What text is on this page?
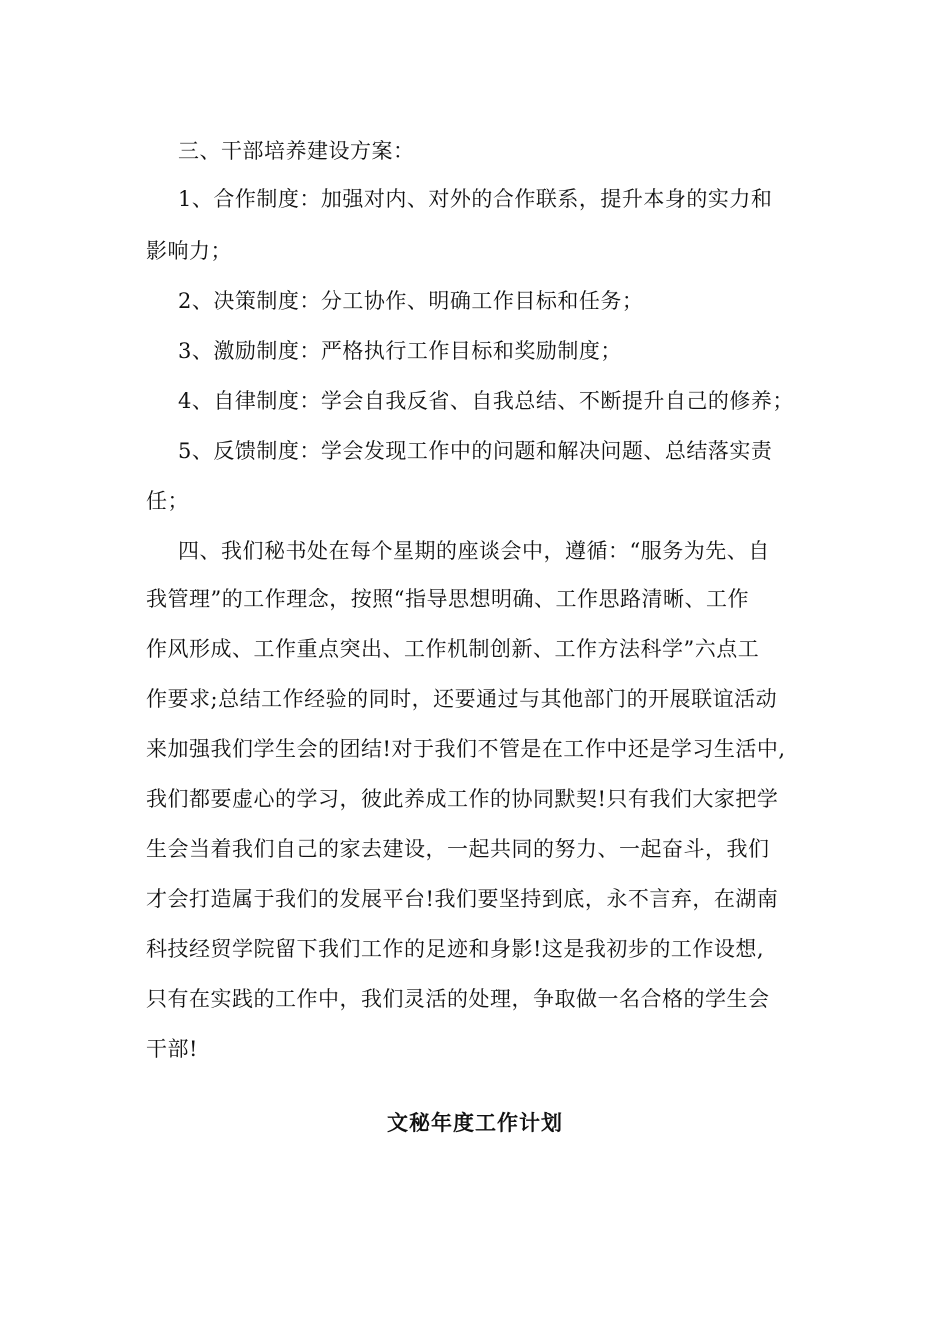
三、干部培养建设方案：
1、合作制度：加强对内、对外的合作联系，提升本身的实力和
影响力；
2、决策制度：分工协作、明确工作目标和任务；
3、激励制度：严格执行工作目标和奖励制度；
4、自律制度：学会自我反省、自我总结、不断提升自己的修养；
5、反馈制度：学会发现工作中的问题和解决问题、总结落实责
任；
四、我们秘书处在每个星期的座谈会中，遵循：“服务为先、自
我管理”的工作理念，按照“指导思想明确、工作思路清晰、工作
作风形成、工作重点突出、工作机制创新、工作方法科学”六点工
作要求;总结工作经验的同时，还要通过与其他部门的开展联谊活动
来加强我们学生会的团结!对于我们不管是在工作中还是学习生活中,
我们都要虚心的学习，彼此养成工作的协同默契!只有我们大家把学
生会当着我们自己的家去建设，一起共同的努力、一起奋斗，我们
才会打造属于我们的发展平台!我们要坚持到底，永不言弃，在湖南
科技经贸学院留下我们工作的足迹和身影!这是我初步的工作设想,
只有在实践的工作中，我们灵活的处理，争取做一名合格的学生会
干部!
文秘年度工作计划
